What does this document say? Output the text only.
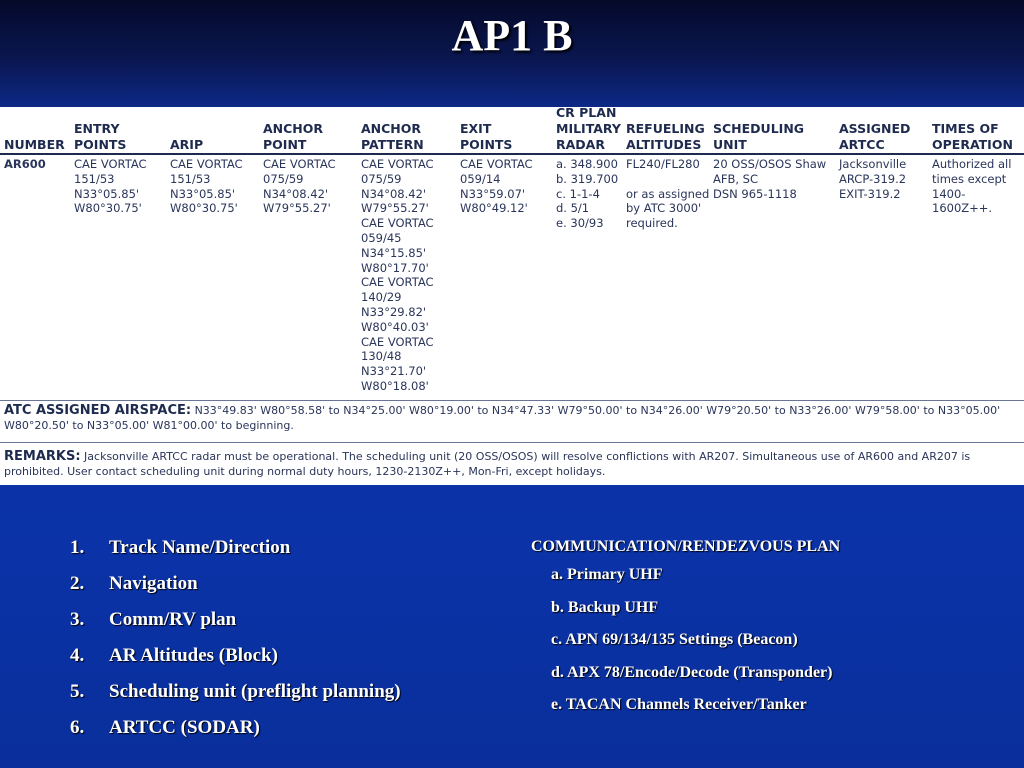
AP1 B
NUMBER
ENTRY
POINTS	ARIP
ANCHOR
POINT
ANCHOR
PATTERN
EXIT
POINTS
CR PLAN
MILITARY
RADAR
REFUELING
ALTITUDES
SCHEDULING
UNIT
ASSIGNED
ARTCC
TIMES OF
OPERATION
AR600 CAE VORTAC
151/53
N33°05.85'
W80°30.75'
CAE VORTAC
151/53
N33°05.85'
W80°30.75'
CAE VORTAC
075/59
N34°08.42'
W79°55.27'
CAE VORTAC
075/59
N34°08.42'
W79°55.27'
CAE VORTAC
059/45
N34°15.85'
W80°17.70'
CAE VORTAC
140/29
N33°29.82'
W80°40.03'
CAE VORTAC
130/48
N33°21.70'
W80°18.08'
CAE VORTAC
059/14
N33°59.07'
W80°49.12'
a. 348.900
b. 319.700
c. 1-1-4
d. 5/1
e. 30/93
FL240/FL280

or as assigned
by ATC 3000'
required.
20 OSS/OSOS Shaw
AFB, SC
DSN 965-1118
Jacksonville
ARCP-319.2
EXIT-319.2
Authorized all
times except
1400-1600Z++.
ATC ASSIGNED AIRSPACE: N33°49.83' W80°58.58' to N34°25.00' W80°19.00' to N34°47.33' W79°50.00' to N34°26.00' W79°20.50' to N33°26.00' W79°58.00' to N33°05.00' W80°20.50' to N33°05.00' W81°00.00' to beginning.
REMARKS: Jacksonville ARTCC radar must be operational. The scheduling unit (20 OSS/OSOS) will resolve conflictions with AR207. Simultaneous use of AR600 and AR207 is prohibited. User contact scheduling unit during normal duty hours, 1230-2130Z++, Mon-Fri, except holidays.
1. Track Name/Direction
2. Navigation
3. Comm/RV plan
4. AR Altitudes (Block)
5. Scheduling unit (preflight planning)
6. ARTCC (SODAR)
COMMUNICATION/RENDEZVOUS PLAN
a. Primary UHF
b. Backup UHF
c. APN 69/134/135 Settings (Beacon)
d. APX 78/Encode/Decode (Transponder)
e. TACAN Channels Receiver/Tanker
